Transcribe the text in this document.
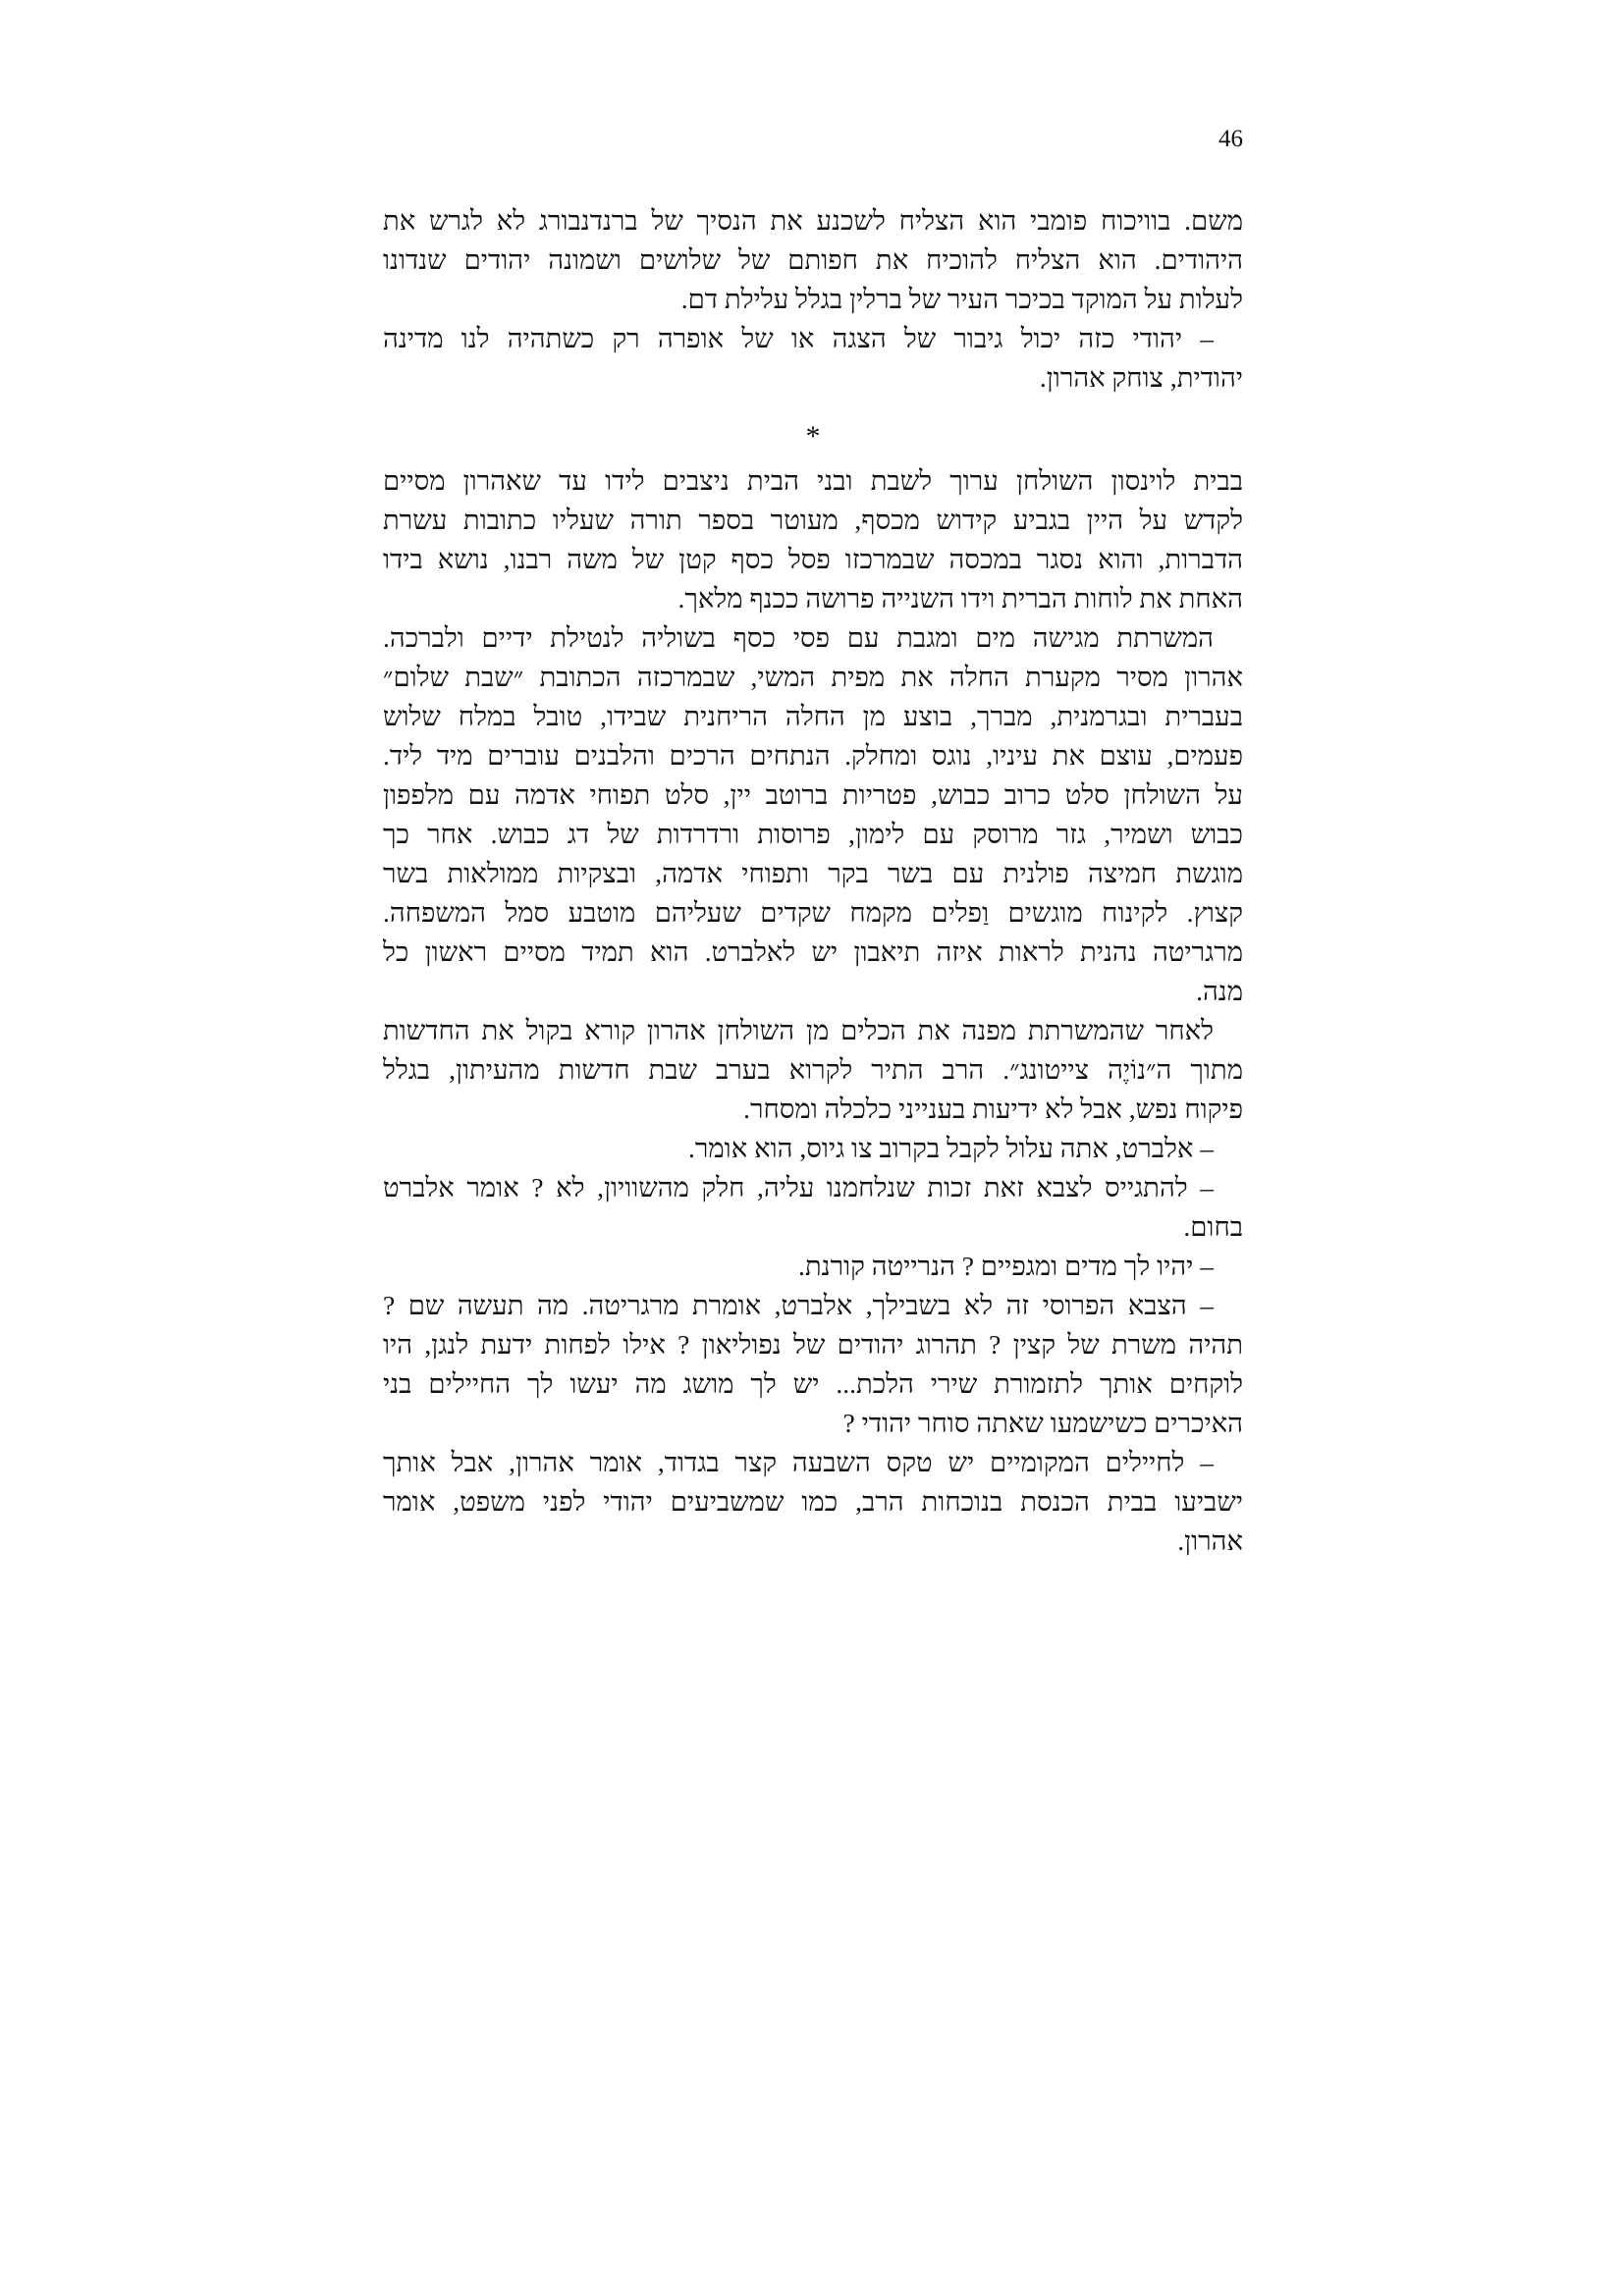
46
משם. בוויכוח פומבי הוא הצליח לשכנע את הנסיך של ברנדנבורג לא לגרש את
היהודים. הוא הצליח להוכיח את חפותם של שלושים ושמונה יהודים שנדונו
לעלות על המוקד בכיכר העיר של ברלין בגלל עלילת דם.
– יהודי כזה יכול גיבור של הצגה או של אופרה רק כשתהיה לנו מדינה
יהודית, צוחק אהרון.
*
בבית לוינסון השולחן ערוך לשבת ובני הבית ניצבים לידו עד שאהרון מסיים
לקדש על היין בגביע קידוש מכסף, מעוטר בספר תורה שעליו כתובות עשרת
הדברות, והוא נסגר במכסה שבמרכזו פסל כסף קטן של משה רבנו, נושא בידו
האחת את לוחות הברית וידו השנייה פרושה ככנף מלאך.
המשרתת מגישה מים ומגבת עם פסי כסף בשוליה לנטילת ידיים ולברכה.
אהרון מסיר מקערת החלה את מפית המשי, שבמרכזה הכתובת ״שבת שלום״
בעברית ובגרמנית, מברך, בוצע מן החלה הריחנית שבידו, טובל במלח שלוש
פעמים, עוצם את עיניו, נוגס ומחלק. הנתחים הרכים והלבנים עוברים מיד ליד.
על השולחן סלט כרוב כבוש, פטריות ברוטב יין, סלט תפוחי אדמה עם מלפפון
כבוש ושמיר, גזר מרוסק עם לימון, פרוסות ורדרדות של דג כבוש. אחר כך
מוגשת חמיצה פולנית עם בשר בקר ותפוחי אדמה, ובצקיות ממולאות בשר
קצוץ. לקינוח מוגשים וַפלים מקמח שקדים שעליהם מוטבע סמל המשפחה.
מרגריטה נהנית לראות איזה תיאבון יש לאלברט. הוא תמיד מסיים ראשון כל
מנה.
לאחר שהמשרתת מפנה את הכלים מן השולחן אהרון קורא בקול את החדשות
מתוך ה״נוֹיֶה צייטונג״. הרב התיר לקרוא בערב שבת חדשות מהעיתון, בגלל
פיקוח נפש, אבל לא ידיעות בענייני כלכלה ומסחר.
– אלברט, אתה עלול לקבל בקרוב צו גיוס, הוא אומר.
– להתגייס לצבא זאת זכות שנלחמנו עליה, חלק מהשוויון, לא ? אומר אלברט
בחום.
– יהיו לך מדים ומגפיים ? הנרייטה קורנת.
– הצבא הפרוסי זה לא בשבילך, אלברט, אומרת מרגריטה. מה תעשה שם ?
תהיה משרת של קצין ? תהרוג יהודים של נפוליאון ? אילו לפחות ידעת לנגן, היו
לוקחים אותך לתזמורת שירי הלכת... יש לך מושג מה יעשו לך החיילים בני
האיכרים כשישמעו שאתה סוחר יהודי ?
– לחיילים המקומיים יש טקס השבעה קצר בגדוד, אומר אהרון, אבל אותך
ישביעו בבית הכנסת בנוכחות הרב, כמו שמשביעים יהודי לפני משפט, אומר
אהרון.
